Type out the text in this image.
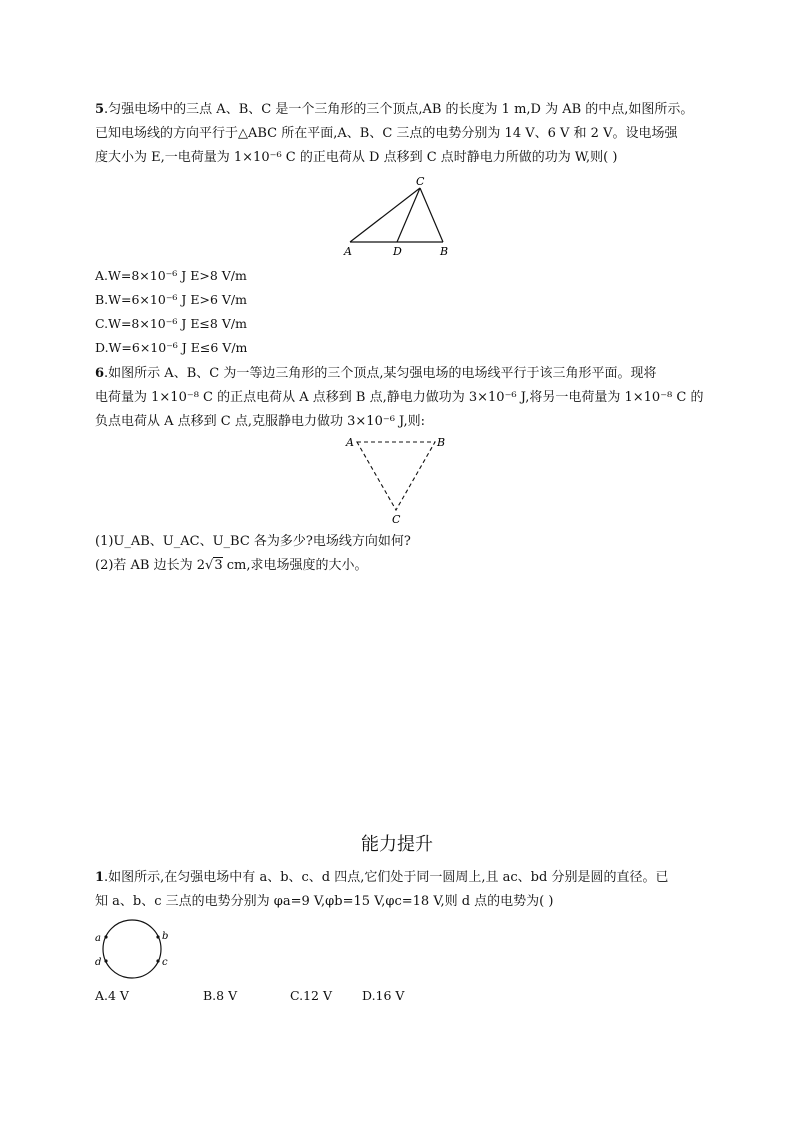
5.匀强电场中的三点 A、B、C 是一个三角形的三个顶点,AB 的长度为 1 m,D 为 AB 的中点,如图所示。
已知电场线的方向平行于△ABC 所在平面,A、B、C 三点的电势分别为 14 V、6 V 和 2 V。设电场强
度大小为 E,一电荷量为 1×10⁻⁶ C 的正电荷从 D 点移到 C 点时静电力所做的功为 W,则( )
C
A	D	B
A.W=8×10⁻⁶ J E>8 V/m
B.W=6×10⁻⁶ J E>6 V/m
C.W=8×10⁻⁶ J E≤8 V/m
D.W=6×10⁻⁶ J E≤6 V/m
6.如图所示 A、B、C 为一等边三角形的三个顶点,某匀强电场的电场线平行于该三角形平面。现将
电荷量为 1×10⁻⁸ C 的正点电荷从 A 点移到 B 点,静电力做功为 3×10⁻⁶ J,将另一电荷量为 1×10⁻⁸ C 的
负点电荷从 A 点移到 C 点,克服静电力做功 3×10⁻⁶ J,则:
A	B
C
(1)U_AB、U_AC、U_BC 各为多少?电场线方向如何?
(2)若 AB 边长为 2√3 cm,求电场强度的大小。
能力提升
1.如图所示,在匀强电场中有 a、b、c、d 四点,它们处于同一圆周上,且 ac、bd 分别是圆的直径。已
知 a、b、c 三点的电势分别为 φa=9 V,φb=15 V,φc=18 V,则 d 点的电势为( )
a	b
d	c
A.4 V	B.8 V	C.12 V D.16 V
